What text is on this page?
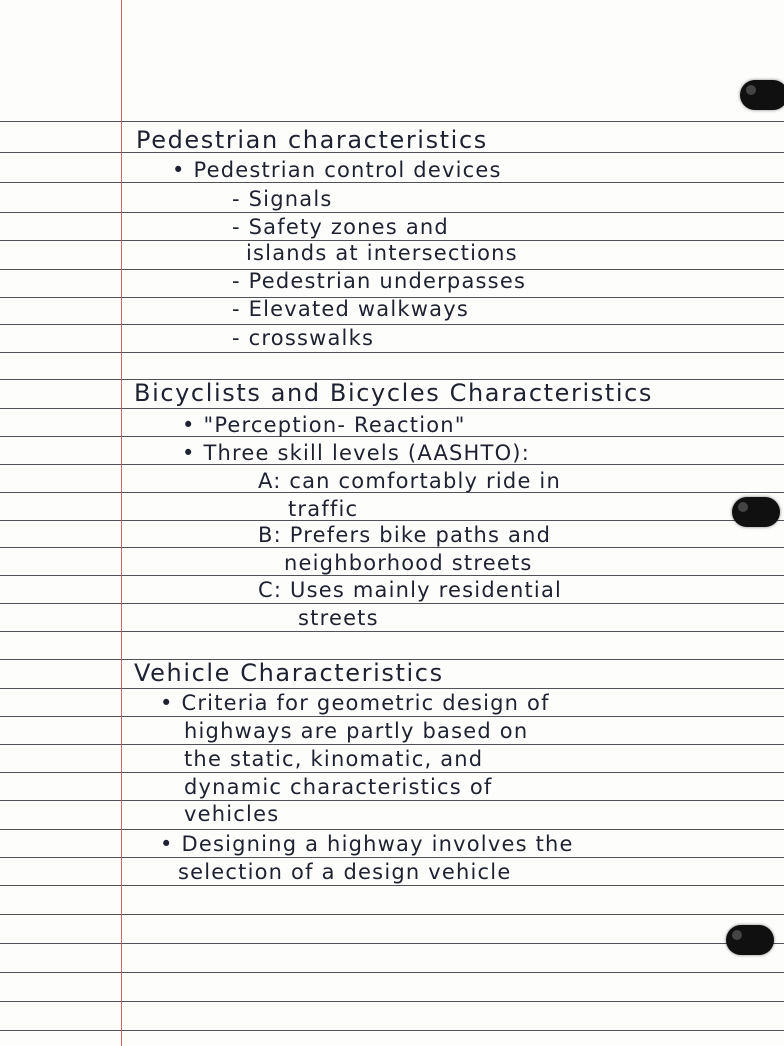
Pedestrian characteristics
• Pedestrian control devices
- Signals
- Safety zones and
islands at intersections
- Pedestrian underpasses
- Elevated walkways
- crosswalks
Bicyclists and Bicycles Characteristics
• "Perception- Reaction"
• Three skill levels (AASHTO):
A: can comfortably ride in
traffic
B: Prefers bike paths and
neighborhood streets
C: Uses mainly residential
streets
Vehicle Characteristics
• Criteria for geometric design of
highways are partly based on
the static, kinomatic, and
dynamic characteristics of
vehicles
• Designing a highway involves the
selection of a design vehicle
